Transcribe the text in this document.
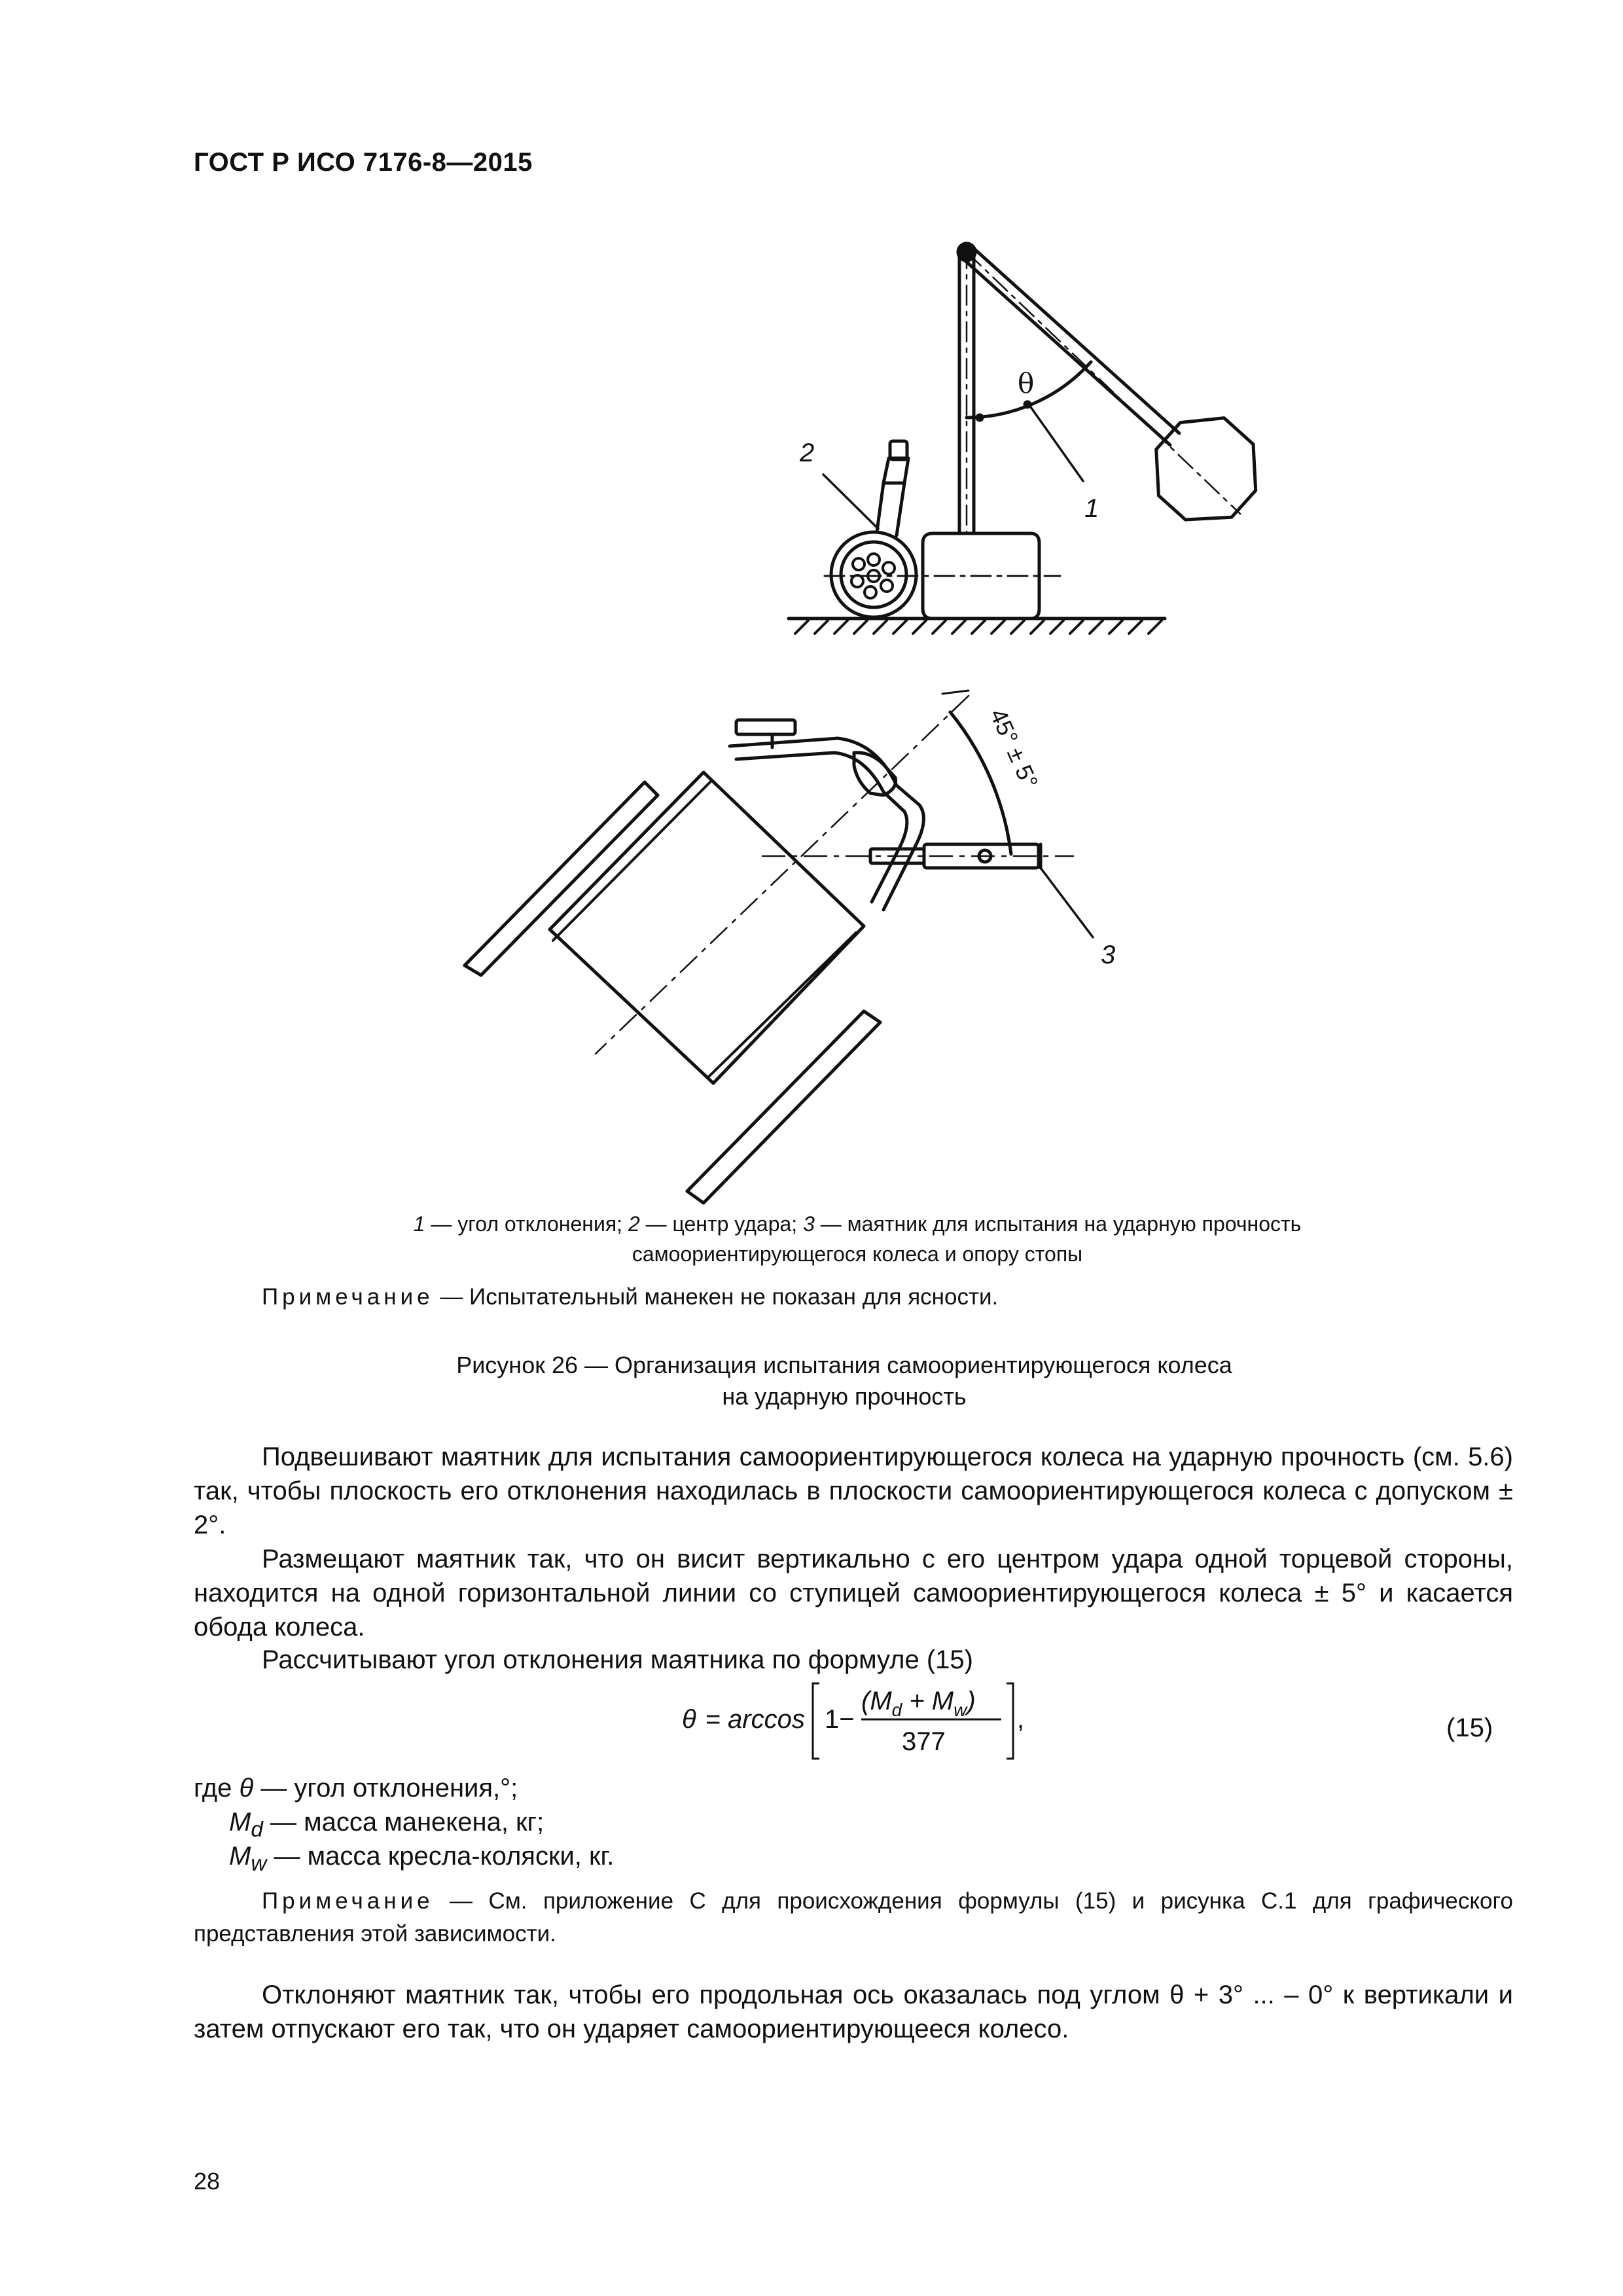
ГОСТ Р ИСО 7176-8—2015
θ
1
2
45° ± 5°
3
1 — угол отклонения; 2 — центр удара; 3 — маятник для испытания на ударную прочность
самоориентирующегося колеса и опору стопы
Примечание — Испытательный манекен не показан для ясности.
Рисунок 26 — Организация испытания самоориентирующегося колеса
на ударную прочность

Подвешивают маятник для испытания самоориентирующегося колеса на ударную прочность (см. 5.6) так, чтобы плоскость его отклонения находилась в плоскости самоориентирующегося колеса с допуском ± 2°.

Размещают маятник так, что он висит вертикально с его центром удара одной торцевой стороны, находится на одной горизонтальной линии со ступицей самоориентирующегося колеса ± 5° и касается обода колеса.

Рассчитывают угол отклонения маятника по формуле (15)

θ = arccos 1−
$(M_d + M_w)$
377
,	(15)
где θ — угол отклонения,°;
$M_d$ — масса манекена, кг;
$M_w$ — масса кресла-коляски, кг.

Примечание — См. приложение С для происхождения формулы (15) и рисунка С.1 для графического представления этой зависимости.

Отклоняют маятник так, чтобы его продольная ось оказалась под углом θ + 3° ... – 0° к вертикали и затем отпускают его так, что он ударяет самоориентирующееся колесо.

28
